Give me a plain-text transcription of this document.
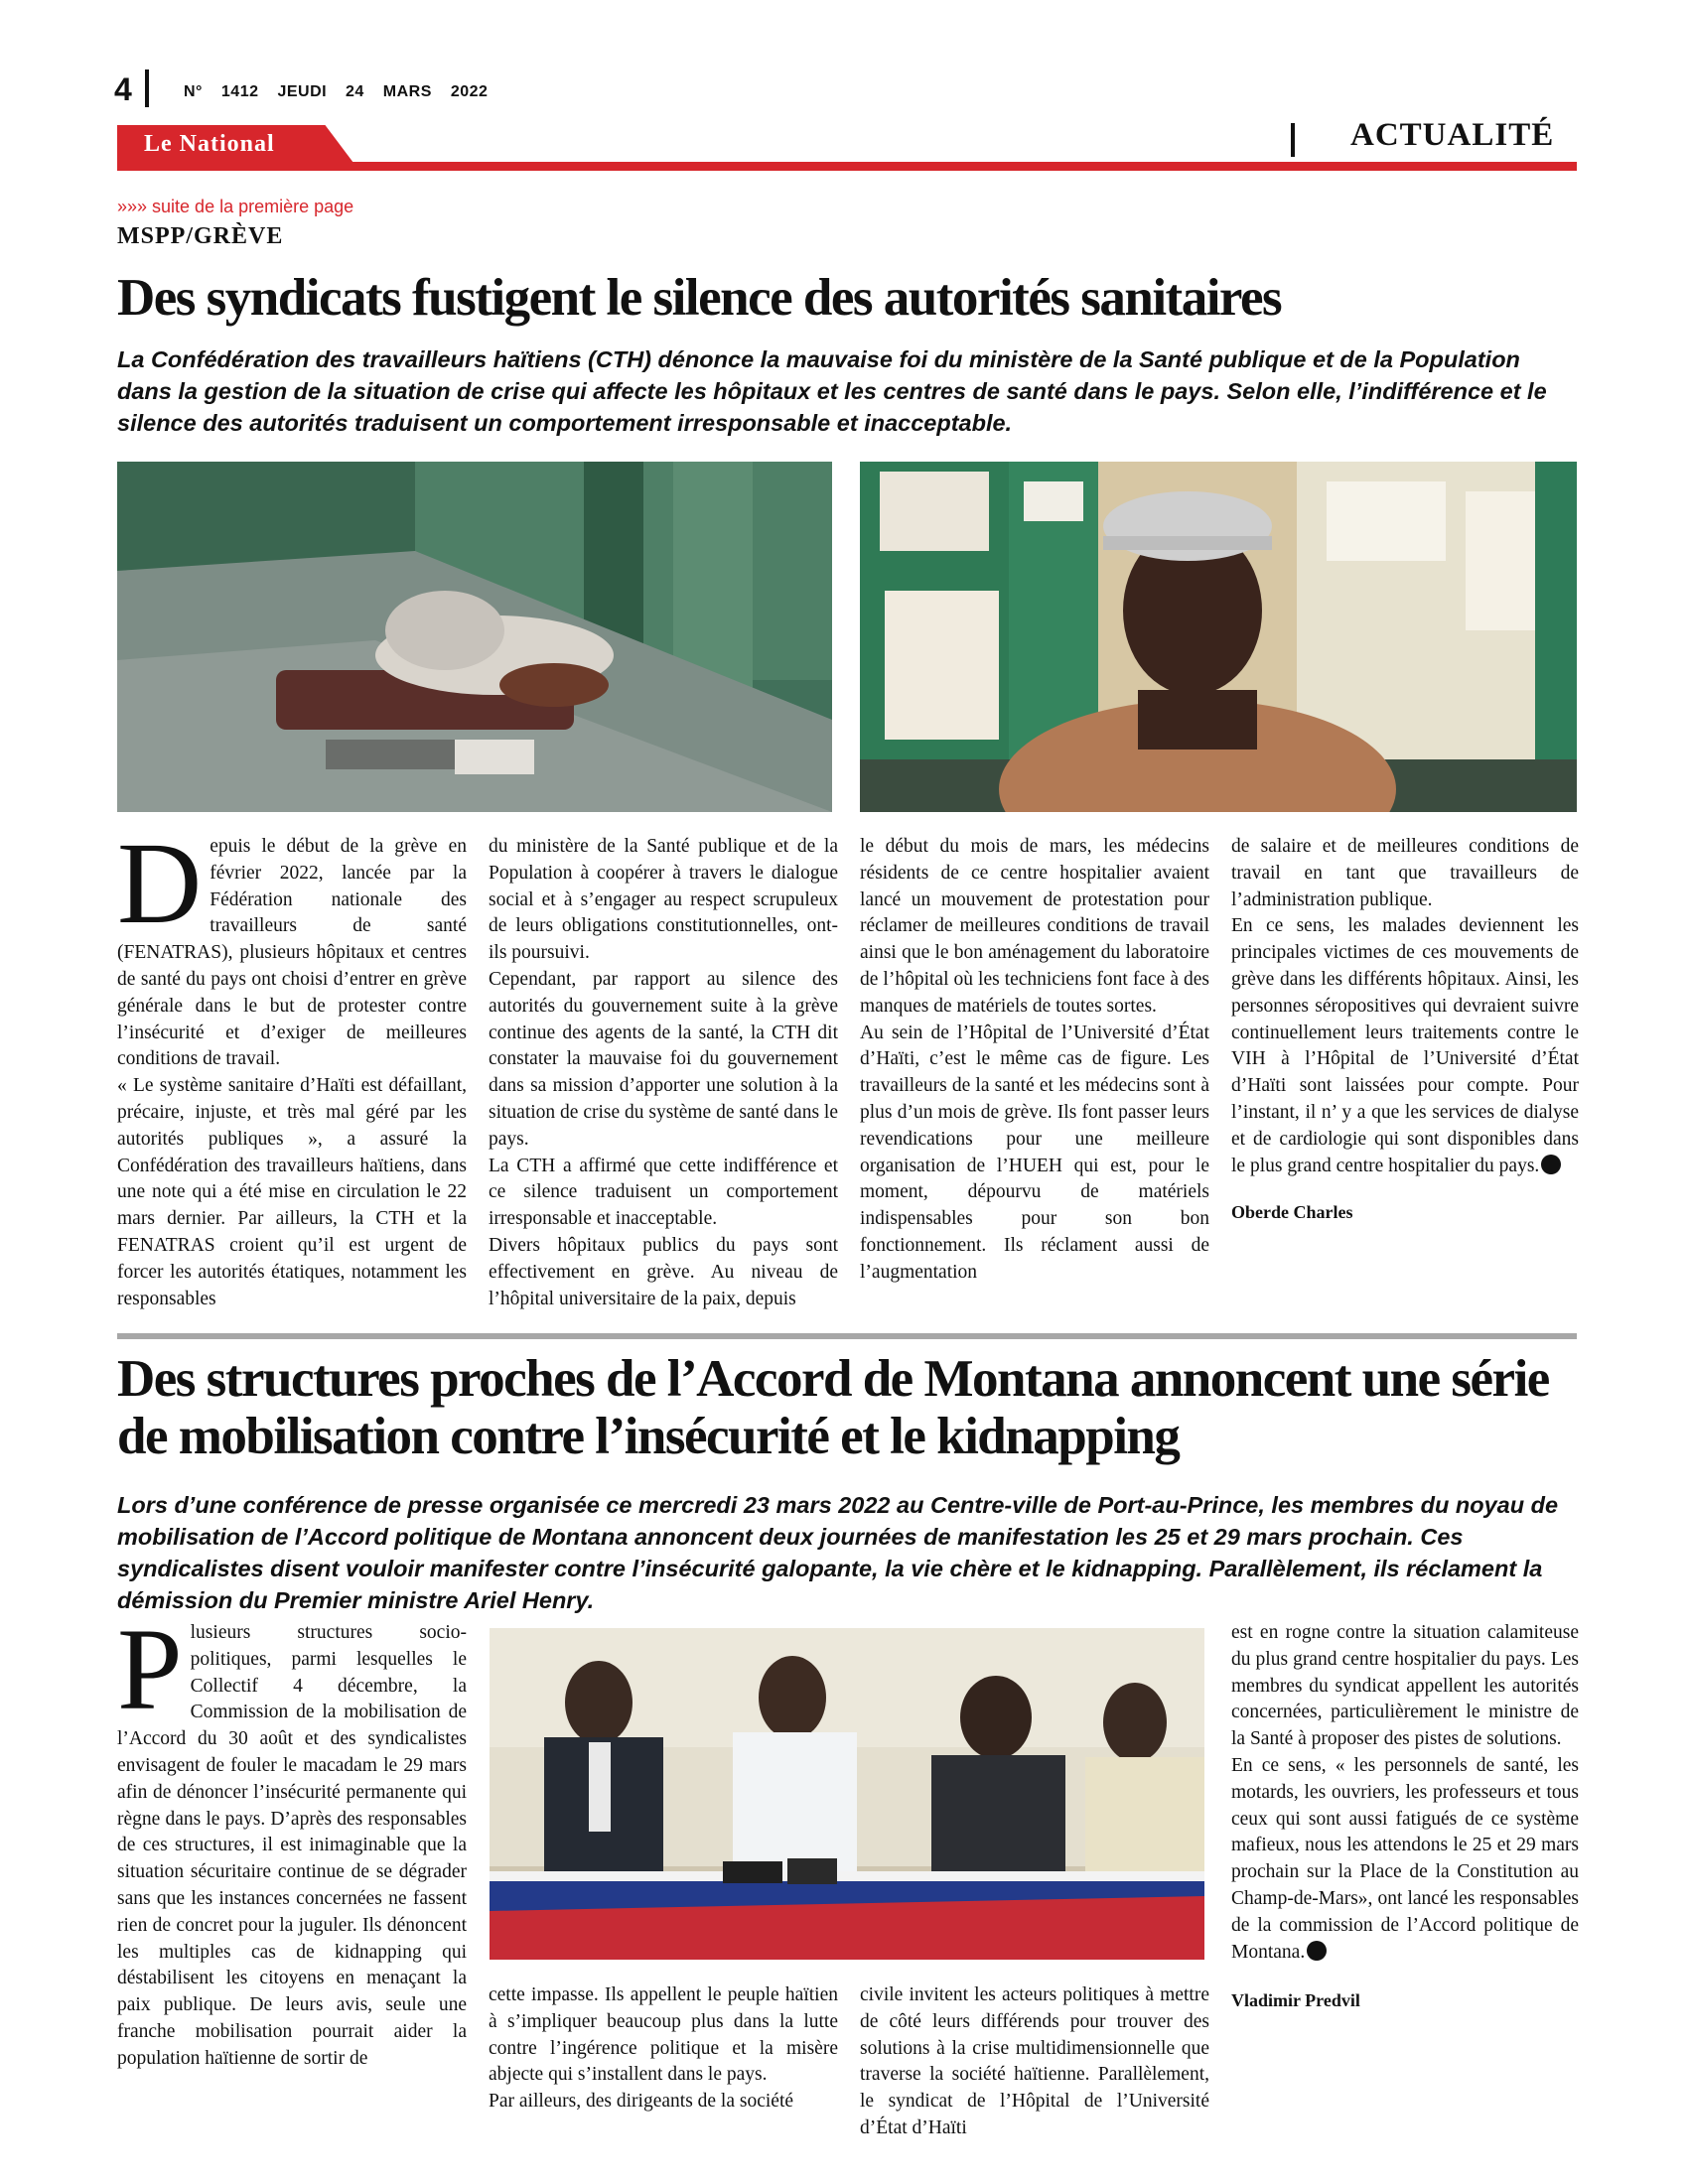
4	N° 1412 JEUDI 24 MARS 2022
Le National	ACTUALITÉ
»»» suite de la première page
MSPP/GRÈVE
Des syndicats fustigent le silence des autorités sanitaires
La Confédération des travailleurs haïtiens (CTH) dénonce la mauvaise foi du ministère de la Santé publique et de la Population dans la gestion de la situation de crise qui affecte les hôpitaux et les centres de santé dans le pays. Selon elle, l’indifférence et le silence des autorités traduisent un comportement irresponsable et inacceptable.

Depuis le début de la grève en février 2022, lancée par la Fédération nationale des travailleurs de santé (FENATRAS), plusieurs hôpitaux et centres de santé du pays ont choisi d’entrer en grève générale dans le but de protester contre l’insécurité et d’exiger de meilleures conditions de travail.

« Le système sanitaire d’Haïti est défaillant, précaire, injuste, et très mal géré par les autorités publiques », a assuré la Confédération des travailleurs haïtiens, dans une note qui a été mise en circulation le 22 mars dernier. Par ailleurs, la CTH et la FENATRAS croient qu’il est urgent de forcer les autorités étatiques, notamment les responsables

du ministère de la Santé publique et de la Population à coopérer à travers le dialogue social et à s’engager au respect scrupuleux de leurs obligations constitutionnelles, ont-ils poursuivi.

Cependant, par rapport au silence des autorités du gouvernement suite à la grève continue des agents de la santé, la CTH dit constater la mauvaise foi du gouvernement dans sa mission d’apporter une solution à la situation de crise du système de santé dans le pays.

La CTH a affirmé que cette indifférence et ce silence traduisent un comportement irresponsable et inacceptable.

Divers hôpitaux publics du pays sont effectivement en grève. Au niveau de l’hôpital universitaire de la paix, depuis

le début du mois de mars, les médecins résidents de ce centre hospitalier avaient lancé un mouvement de protestation pour réclamer de meilleures conditions de travail ainsi que le bon aménagement du laboratoire de l’hôpital où les techniciens font face à des manques de matériels de toutes sortes.

Au sein de l’Hôpital de l’Université d’État d’Haïti, c’est le même cas de figure. Les travailleurs de la santé et les médecins sont à plus d’un mois de grève. Ils font passer leurs revendications pour une meilleure organisation de l’HUEH qui est, pour le moment, dépourvu de matériels indispensables pour son bon fonctionnement. Ils réclament aussi de l’augmentation

de salaire et de meilleures conditions de travail en tant que travailleurs de l’administration publique.

En ce sens, les malades deviennent les principales victimes de ces mouvements de grève dans les différents hôpitaux. Ainsi, les personnes séropositives qui devraient suivre continuellement leurs traitements contre le VIH à l’Hôpital de l’Université d’État d’Haïti sont laissées pour compte. Pour l’instant, il n’ y a que les services de dialyse et de cardiologie qui sont disponibles dans le plus grand centre hospitalier du pays.

Oberde Charles

Des structures proches de l’Accord de Montana annoncent une série de mobilisation contre l’insécurité et le kidnapping
Lors d’une conférence de presse organisée ce mercredi 23 mars 2022 au Centre-ville de Port-au-Prince, les membres du noyau de mobilisation de l’Accord politique de Montana annoncent deux journées de manifestation les 25 et 29 mars prochain. Ces syndicalistes disent vouloir manifester contre l’insécurité galopante, la vie chère et le kidnapping. Parallèlement, ils réclament la démission du Premier ministre Ariel Henry.

Plusieurs structures socio- politiques, parmi lesquelles le Collectif 4 décembre, la Commission de la mobilisation de l’Accord du 30 août et des syndicalistes envisagent de fouler le macadam le 29 mars afin de dénoncer l’insécurité permanente qui règne dans le pays. D’après des responsables de ces structures, il est inimaginable que la situation sécuritaire continue de se dégrader sans que les instances concernées ne fassent rien de concret pour la juguler. Ils dénoncent les multiples cas de kidnapping qui déstabilisent les citoyens en menaçant la paix publique. De leurs avis, seule une franche mobilisation pourrait aider la population haïtienne de sortir de

cette impasse. Ils appellent le peuple haïtien à s’impliquer beaucoup plus dans la lutte contre l’ingérence politique et la misère abjecte qui s’installent dans le pays.

Par ailleurs, des dirigeants de la société

civile invitent les acteurs politiques à mettre de côté leurs différends pour trouver des solutions à la crise multidimensionnelle que traverse la société haïtienne. Parallèlement, le syndicat de l’Hôpital de l’Université d’État d’Haïti

est en rogne contre la situation calamiteuse du plus grand centre hospitalier du pays. Les membres du syndicat appellent les autorités concernées, particulièrement le ministre de la Santé à proposer des pistes de solutions.

En ce sens, « les personnels de santé, les motards, les ouvriers, les professeurs et tous ceux qui sont aussi fatigués de ce système mafieux, nous les attendons le 25 et 29 mars prochain sur la Place de la Constitution au Champ-de-Mars», ont lancé les responsables de la commission de l’Accord politique de Montana.

Vladimir Predvil
